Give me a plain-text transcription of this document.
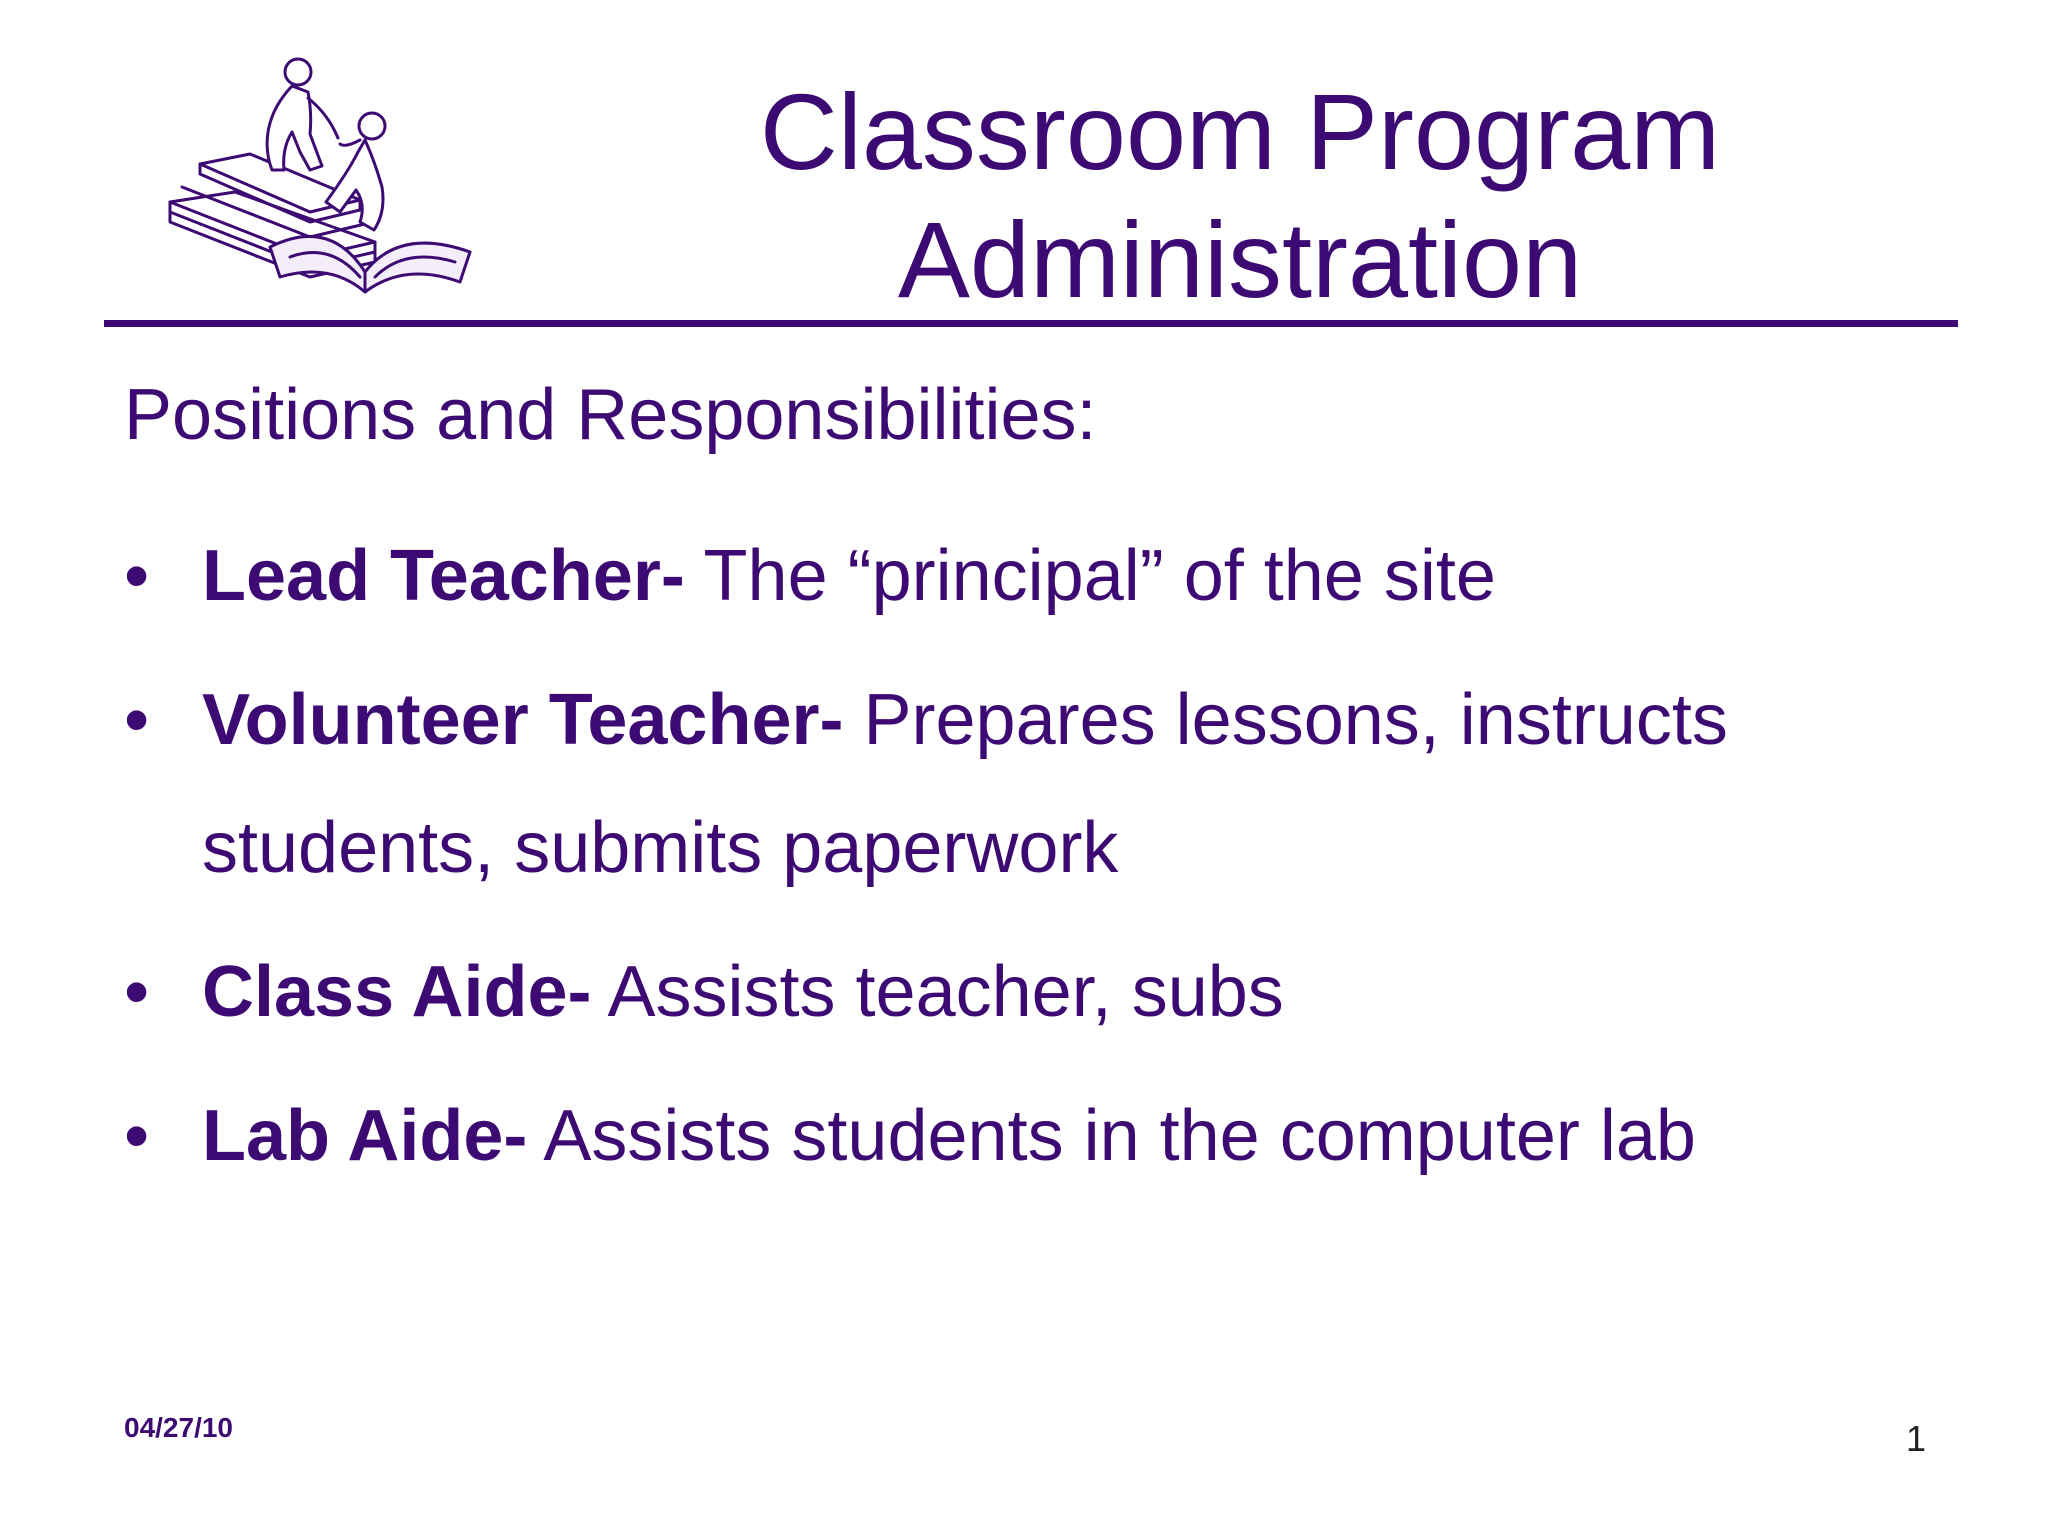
Classroom Program
Administration
Positions and Responsibilities:
• Lead Teacher- The “principal” of the site
• Volunteer Teacher- Prepares lessons, instructs students, submits paperwork
• Class Aide- Assists teacher, subs
• Lab Aide- Assists students in the computer lab
04/27/10	1
